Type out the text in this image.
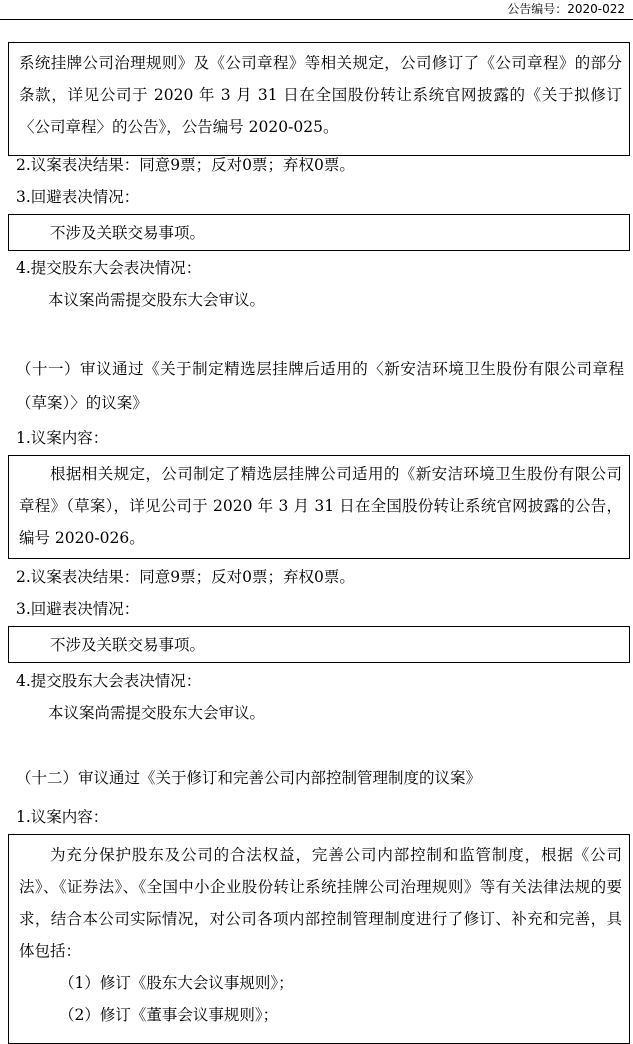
公告编号：2020-022

系统挂牌公司治理规则》及《公司章程》等相关规定，公司修订了《公司章程》的部分条款，详见公司于 2020 年 3 月 31 日在全国股份转让系统官网披露的《关于拟修订〈公司章程〉的公告》，公告编号 2020-025。

2.议案表决结果：同意9票；反对0票；弃权0票。
3.回避表决情况：

不涉及关联交易事项。

4.提交股东大会表决情况：
本议案尚需提交股东大会审议。
（十一）审议通过《关于制定精选层挂牌后适用的〈新安洁环境卫生股份有限公司章程（草案）〉的议案》
1.议案内容：

根据相关规定，公司制定了精选层挂牌公司适用的《新安洁环境卫生股份有限公司章程》（草案），详见公司于 2020 年 3 月 31 日在全国股份转让系统官网披露的公告，编号 2020-026。

2.议案表决结果：同意9票；反对0票；弃权0票。
3.回避表决情况：

不涉及关联交易事项。

4.提交股东大会表决情况：
本议案尚需提交股东大会审议。
（十二）审议通过《关于修订和完善公司内部控制管理制度的议案》
1.议案内容：

为充分保护股东及公司的合法权益，完善公司内部控制和监管制度，根据《公司法》、《证券法》、《全国中小企业股份转让系统挂牌公司治理规则》等有关法律法规的要求，结合本公司实际情况，对公司各项内部控制管理制度进行了修订、补充和完善，具体包括：

（1）修订《股东大会议事规则》；

（2）修订《董事会议事规则》；
